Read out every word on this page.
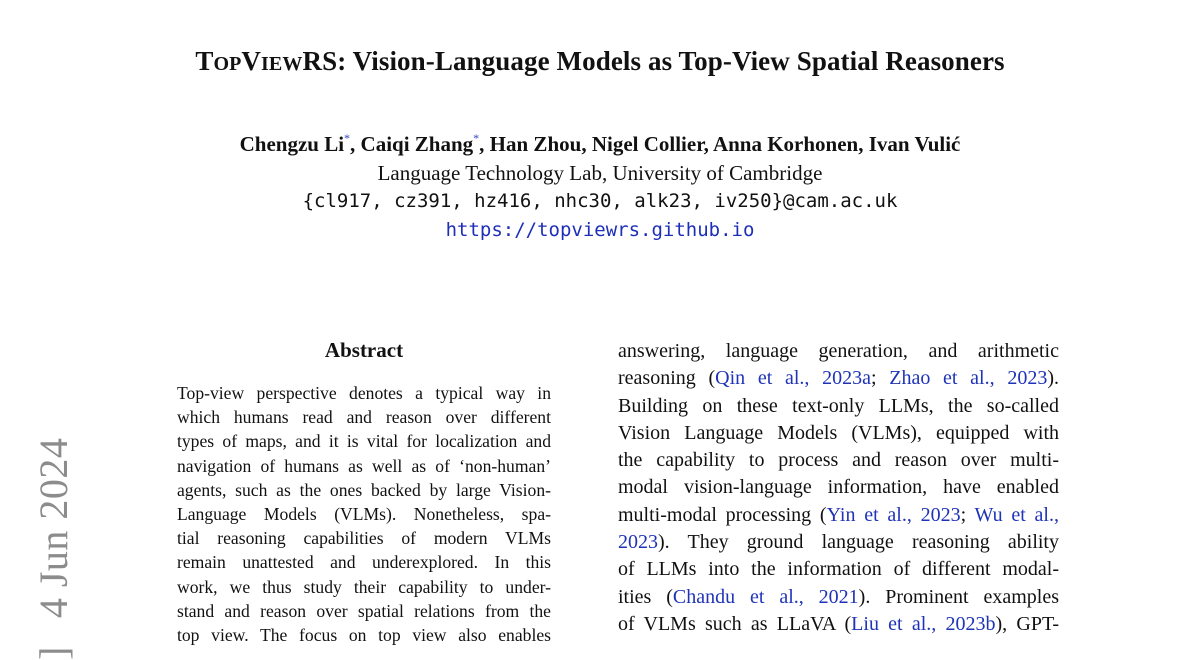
TOPVIEWRS: Vision-Language Models as Top-View Spatial Reasoners
Chengzu Li*, Caiqi Zhang*, Han Zhou, Nigel Collier, Anna Korhonen, Ivan Vulić
Language Technology Lab, University of Cambridge
{cl917, cz391, hz416, nhc30, alk23, iv250}@cam.ac.uk
https://topviewrs.github.io
]4 Jun 2024
Abstract
Top-view perspective denotes a typical way in
which humans read and reason over different
types of maps, and it is vital for localization and
navigation of humans as well as of ‘non-human’
agents, such as the ones backed by large Vision-
Language Models (VLMs). Nonetheless, spa-
tial reasoning capabilities of modern VLMs
remain unattested and underexplored. In this
work, we thus study their capability to under-
stand and reason over spatial relations from the
top view. The focus on top view also enables
answering, language generation, and arithmetic
reasoning (Qin et al., 2023a; Zhao et al., 2023).
Building on these text-only LLMs, the so-called
Vision Language Models (VLMs), equipped with
the capability to process and reason over multi-
modal vision-language information, have enabled
multi-modal processing (Yin et al., 2023; Wu et al.,
2023). They ground language reasoning ability
of LLMs into the information of different modal-
ities (Chandu et al., 2021). Prominent examples
of VLMs such as LLaVA (Liu et al., 2023b), GPT-
